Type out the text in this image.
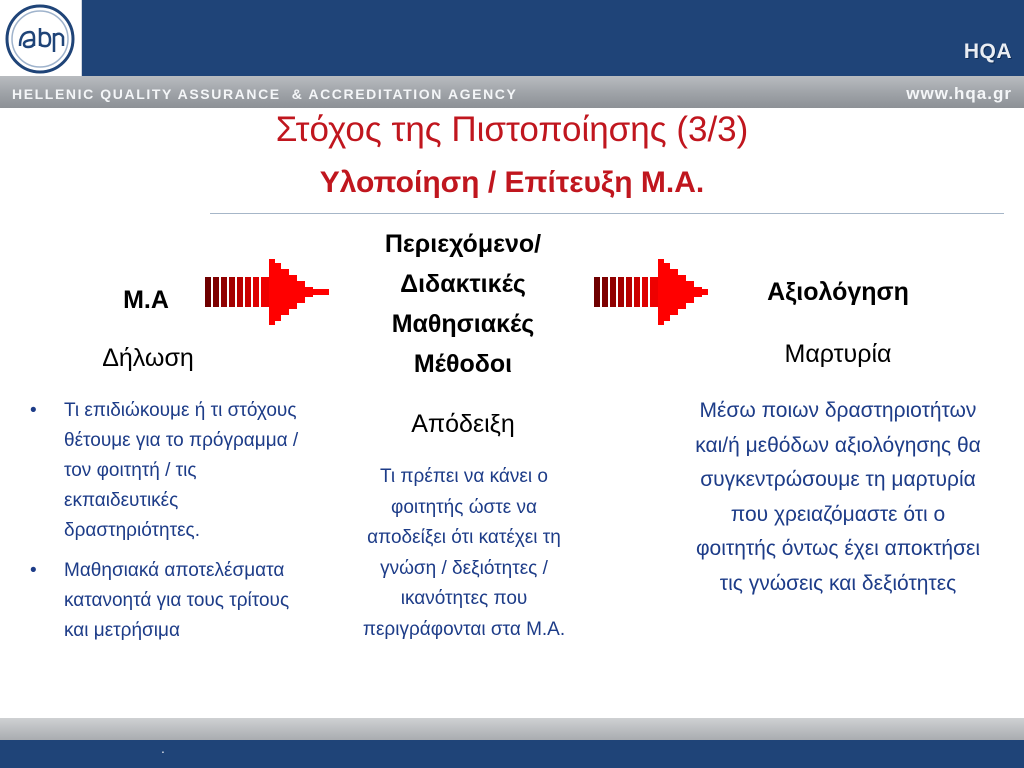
HQA
HELLENIC QUALITY ASSURANCE  & ACCREDITATION AGENCY	www.hqa.gr
Στόχος της Πιστοποίησης (3/3)
Υλοποίηση / Επίτευξη Μ.Α.
Μ.Α
Δήλωση
• Τι επιδιώκουμε ή τι στόχους θέτουμε για το πρόγραμμα / τον φοιτητή / τις εκπαιδευτικές δραστηριότητες.
• Μαθησιακά αποτελέσματα κατανοητά για τους τρίτους και μετρήσιμα
Περιεχόμενο/
Διδακτικές
Μαθησιακές
Μέθοδοι
Απόδειξη
Τι πρέπει να κάνει ο φοιτητής ώστε να αποδείξει ότι κατέχει τη γνώση / δεξιότητες / ικανότητες που περιγράφονται στα Μ.Α.
Αξιολόγηση
Μαρτυρία
Μέσω ποιων δραστηριοτήτων και/ή μεθόδων αξιολόγησης θα συγκεντρώσουμε τη μαρτυρία που χρειαζόμαστε ότι ο φοιτητής όντως έχει αποκτήσει τις γνώσεις και δεξιότητες
.
